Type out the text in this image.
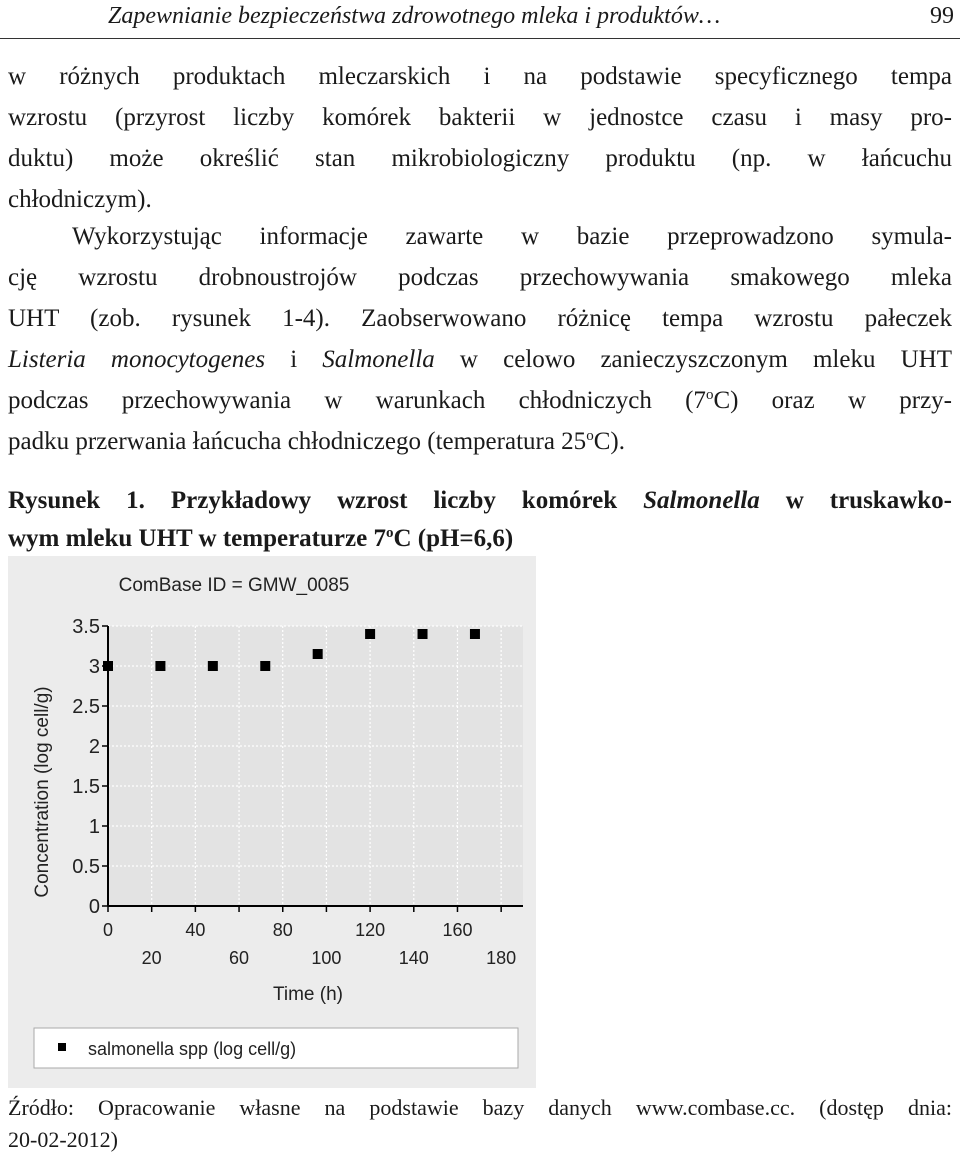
Zapewnianie bezpieczeństwa zdrowotnego mleka i produktów…	99
w różnych produktach mleczarskich i na podstawie specyficznego tempa
wzrostu (przyrost liczby komórek bakterii w jednostce czasu i masy pro-
duktu) może określić stan mikrobiologiczny produktu (np. w łańcuchu
chłodniczym).
Wykorzystując informacje zawarte w bazie przeprowadzono symula-
cję wzrostu drobnoustrojów podczas przechowywania smakowego mleka
UHT (zob. rysunek 1-4). Zaobserwowano różnicę tempa wzrostu pałeczek
Listeria monocytogenes i Salmonella w celowo zanieczyszczonym mleku UHT
podczas przechowywania w warunkach chłodniczych (7$^o$C) oraz w przy-
padku przerwania łańcucha chłodniczego (temperatura 25$^o$C).
Rysunek 1. Przykładowy wzrost liczby komórek Salmonella w truskawko-
wym mleku UHT w temperaturze 7$^o$C (pH=6,6)
ComBase ID = GMW_0085
0
0.5
1
1.5
2
2.5
3
3.5
0
20
40
60
80
100
120
140
160
180
Time (h)
Concentration (log cell/g)
salmonella spp (log cell/g)
Źródło: Opracowanie własne na podstawie bazy danych www.combase.cc. (dostęp dnia:
20-02-2012)
